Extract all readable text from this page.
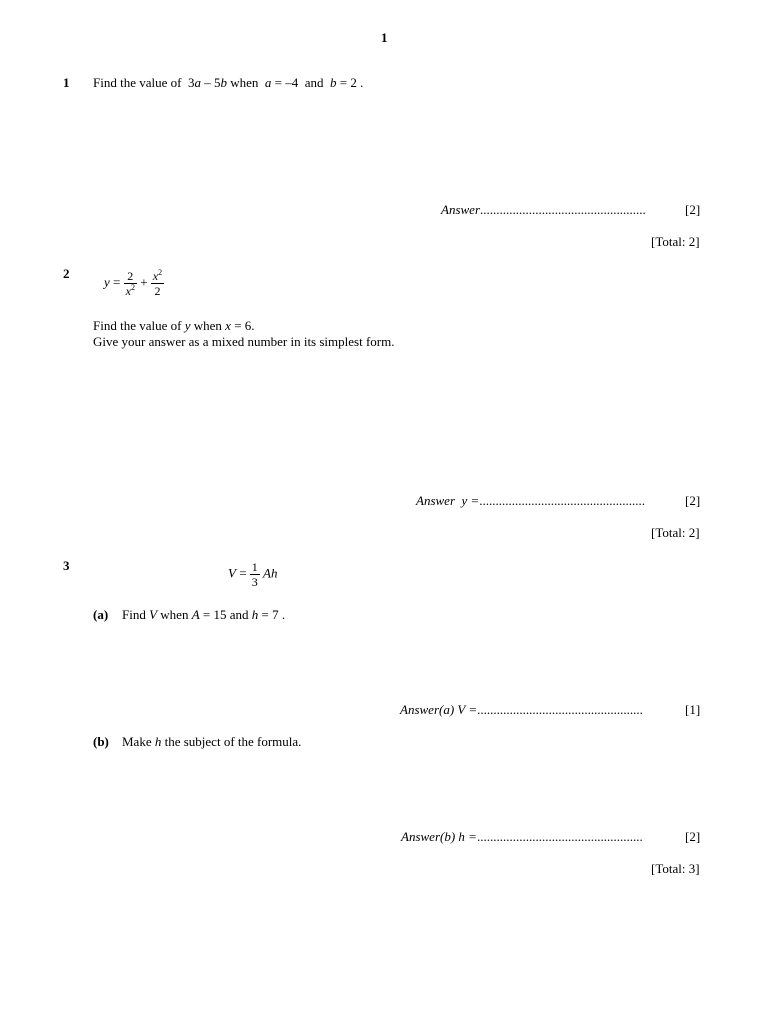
1
1 Find the value of 3a – 5b when a = –4 and b = 2 .
Answer...................................................	[2]
[Total: 2]
2
$y = \frac{2}{x^2} + \frac{x^2}{2}$
Find the value of y when x = 6.
Give your answer as a mixed number in its simplest form.
Answer y =...................................................	[2]
[Total: 2]
3	$V = \frac{1}{3}$ Ah
(a) Find V when A = 15 and h = 7 .
Answer(a) V =...................................................	[1]
(b) Make h the subject of the formula.
Answer(b) h =...................................................	[2]
[Total: 3]
